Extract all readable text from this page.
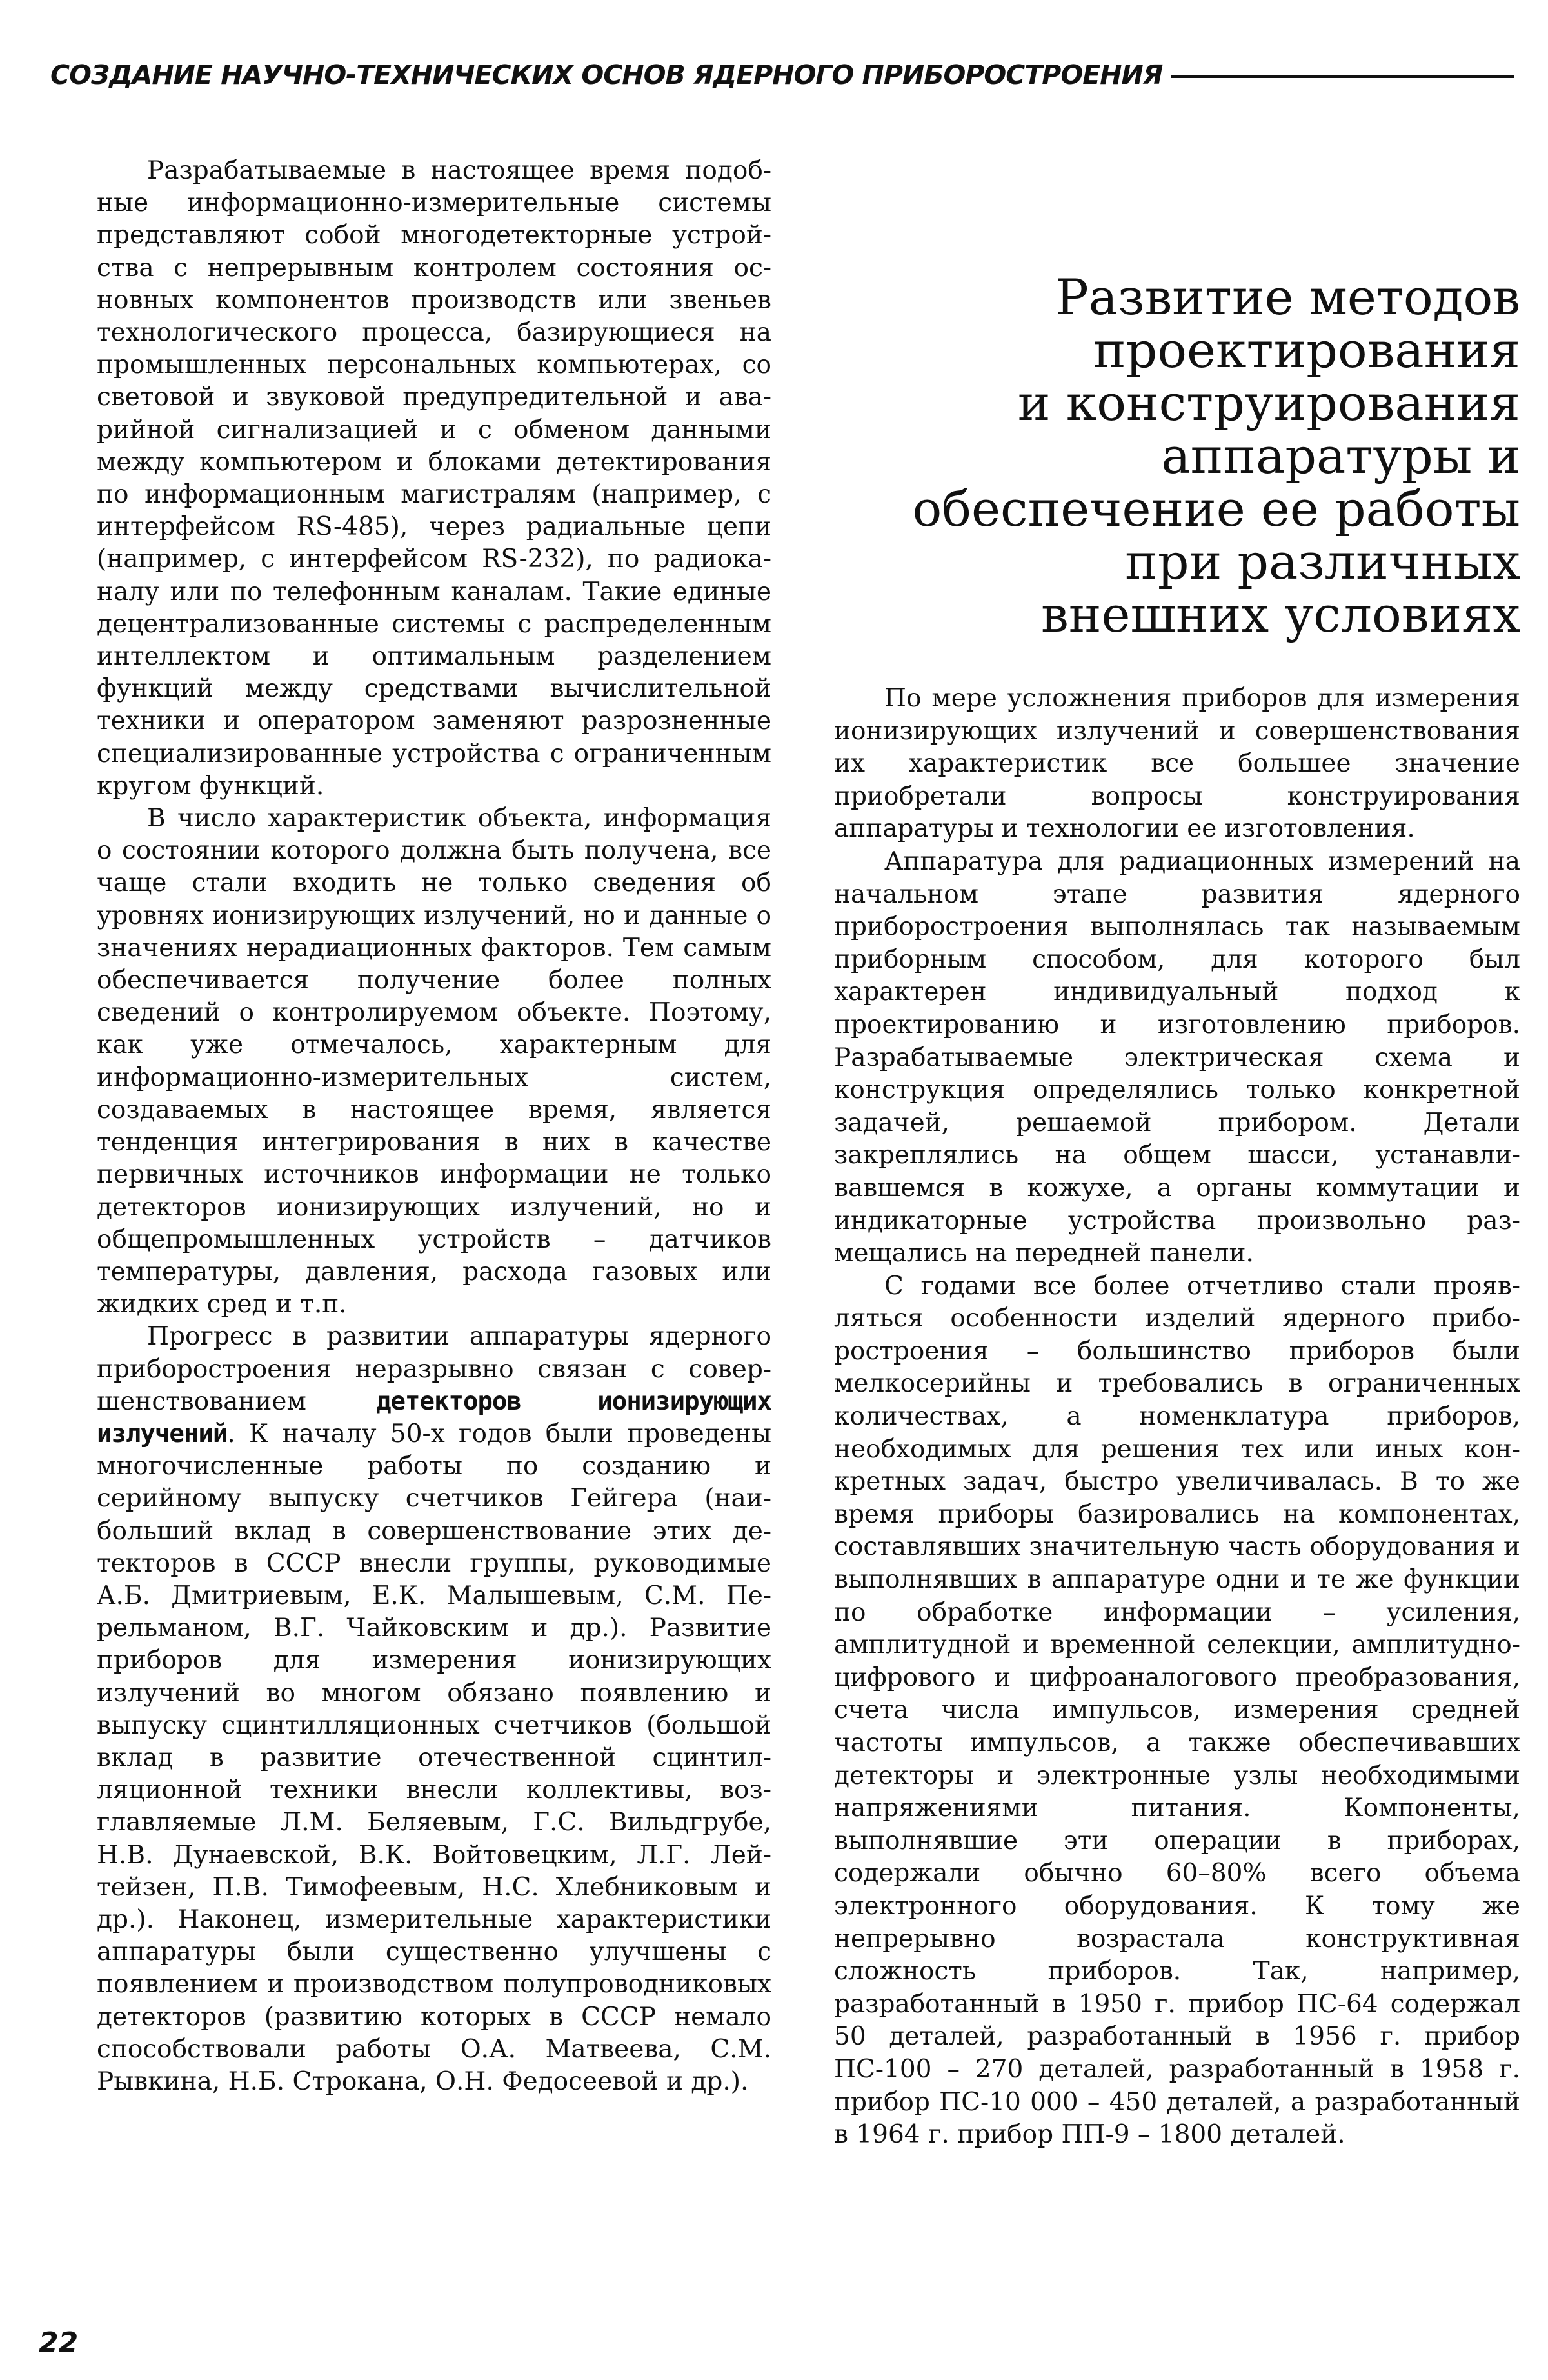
СОЗДАНИЕ НАУЧНО-ТЕХНИЧЕСКИХ ОСНОВ ЯДЕРНОГО ПРИБОРОСТРОЕНИЯ

Разрабатываемые в настоящее время подобные информационно-измерительные системы представляют собой многодетекторные устройства с непрерывным контролем состояния основных компонентов производств или звеньев технологического процесса, базирующиеся на промышленных персональных компьютерах, со световой и звуковой предупредительной и аварийной сигнализацией и с обменом данными между компьютером и блоками детектирования по информационным магистралям (например, с интерфейсом RS-485), через радиальные цепи (например, с интерфейсом RS-232), по радиоканалу или по телефонным каналам. Такие единые децентрализованные системы с распределенным интеллектом и оптимальным разделением функций между средствами вычислительной техники и оператором заменяют разрозненные специализированные устройства с ограниченным кругом функций.

В число характеристик объекта, информация о состоянии которого должна быть получена, все чаще стали входить не только сведения об уровнях ионизирующих излучений, но и данные о значениях нерадиационных факторов. Тем самым обеспечивается получение более полных сведений о контролируемом объекте. Поэтому, как уже отмечалось, характерным для информационно-измерительных систем, создаваемых в настоящее время, является тенденция интегрирования в них в качестве первичных источников информации не только детекторов ионизирующих излучений, но и общепромышленных устройств – датчиков температуры, давления, расхода газовых или жидких сред и т.п.

Прогресс в развитии аппаратуры ядерного приборостроения неразрывно связан с совершенствованием детекторов ионизирующих излучений. К началу 50-х годов были проведены многочисленные работы по созданию и серийному выпуску счетчиков Гейгера (наибольший вклад в совершенствование этих детекторов в СССР внесли группы, руководимые А.Б. Дмитриевым, Е.К. Малышевым, С.М. Перельманом, В.Г. Чайковским и др.). Развитие приборов для измерения ионизирующих излучений во многом обязано появлению и выпуску сцинтилляционных счетчиков (большой вклад в развитие отечественной сцинтилляционной техники внесли коллективы, возглавляемые Л.М. Беляевым, Г.С. Вильдгрубе, Н.В. Дунаевской, В.К. Войтовецким, Л.Г. Лейтейзен, П.В. Тимофеевым, Н.С. Хлебниковым и др.). Наконец, измерительные характеристики аппаратуры были существенно улучшены с появлением и производством полупроводниковых детекторов (развитию которых в СССР немало способствовали работы О.А. Матвеева, С.М. Рывкина, Н.Б. Строкана, О.Н. Федосеевой и др.).

Развитие методов
проектирования
и конструирования
аппаратуры и
обеспечение ее работы
при различных
внешних условиях

По мере усложнения приборов для измерения ионизирующих излучений и совершенствования их характеристик все большее значение приобретали вопросы конструирования аппаратуры и технологии ее изготовления.

Аппаратура для радиационных измерений на начальном этапе развития ядерного приборостроения выполнялась так называемым приборным способом, для которого был характерен индивидуальный подход к проектированию и изготовлению приборов. Разрабатываемые электрическая схема и конструкция определялись только конкретной задачей, решаемой прибором. Детали закреплялись на общем шасси, устанавливавшемся в кожухе, а органы коммутации и индикаторные устройства произвольно размещались на передней панели.

С годами все более отчетливо стали проявляться особенности изделий ядерного приборостроения – большинство приборов были мелкосерийны и требовались в ограниченных количествах, а номенклатура приборов, необходимых для решения тех или иных конкретных задач, быстро увеличивалась. В то же время приборы базировались на компонентах, составлявших значительную часть оборудования и выполнявших в аппаратуре одни и те же функции по обработке информации – усиления, амплитудной и временной селекции, амплитудно-цифрового и цифроаналогового преобразования, счета числа импульсов, измерения средней частоты импульсов, а также обеспечивавших детекторы и электронные узлы необходимыми напряжениями питания. Компоненты, выполнявшие эти операции в приборах, содержали обычно 60–80% всего объема электронного оборудования. К тому же непрерывно возрастала конструктивная сложность приборов. Так, например, разработанный в 1950 г. прибор ПС-64 содержал 50 деталей, разработанный в 1956 г. прибор ПС-100 – 270 деталей, разработанный в 1958 г. прибор ПС-10 000 – 450 деталей, а разработанный в 1964 г. прибор ПП-9 – 1800 деталей.

22
